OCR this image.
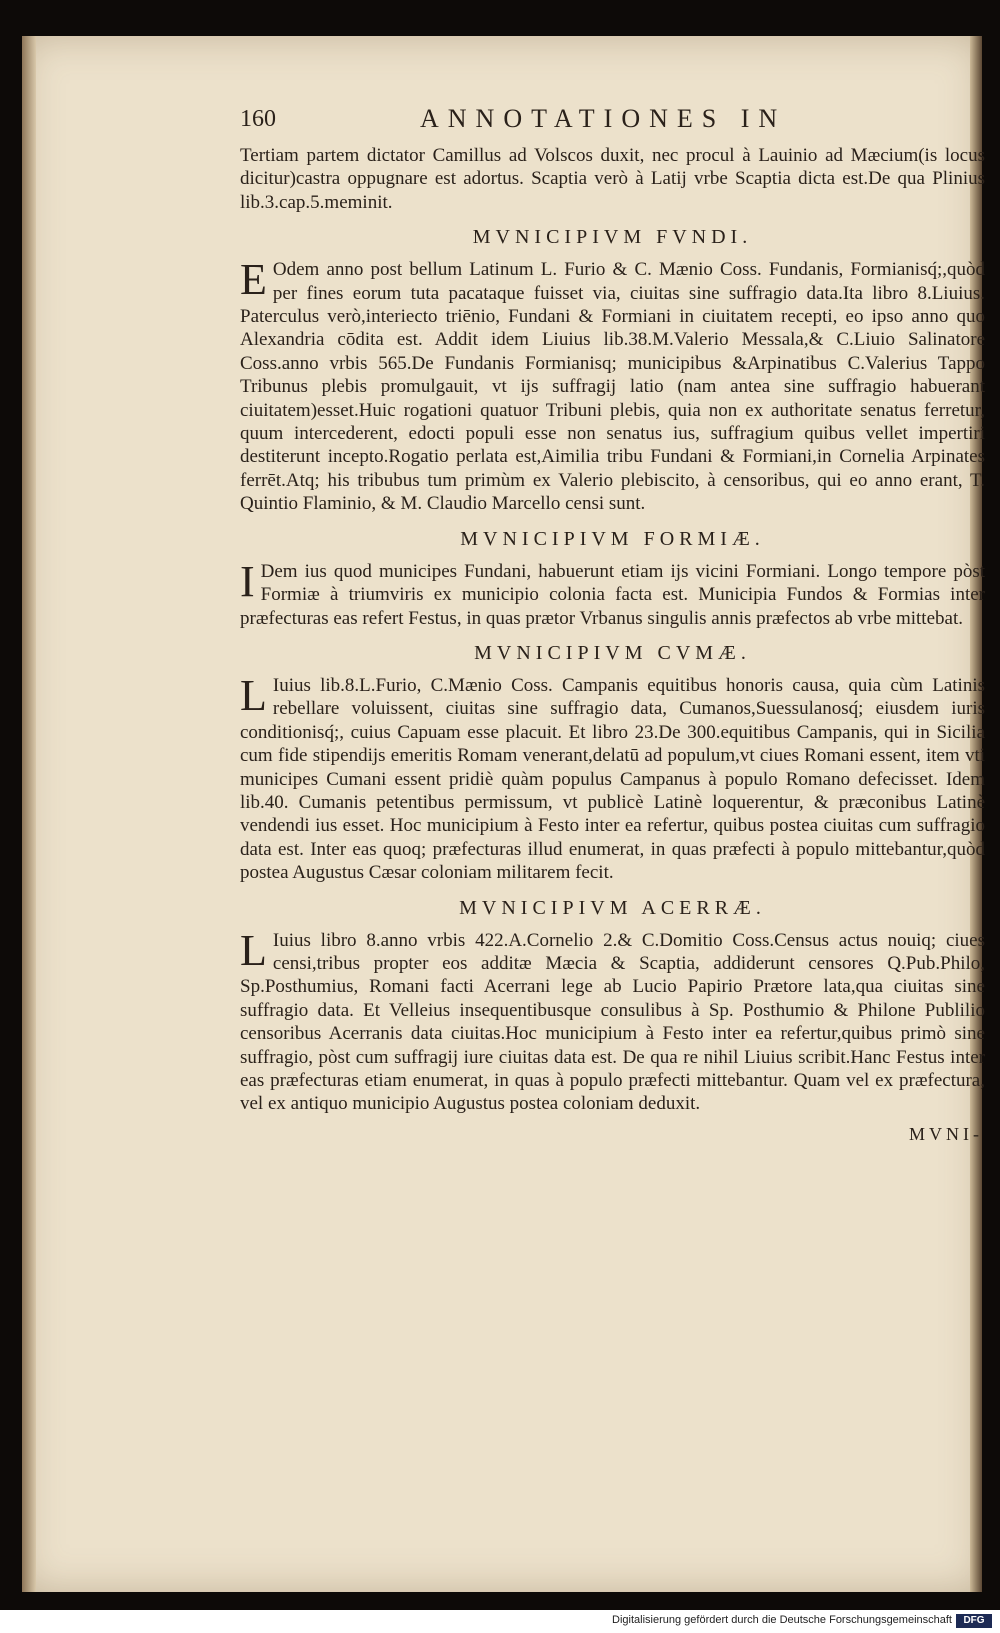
160	ANNOTATIONES IN

Tertiam partem dictator Camillus ad Volscos duxit, nec procul à Lauinio ad Mæcium(is locus dicitur)castra oppugnare est adortus. Scaptia verò à Latij vrbe Scaptia dicta est.De qua Plinius lib.3.cap.5.meminit.

MVNICIPIVM FVNDI.

E Odem anno post bellum Latinum L. Furio & C. Mænio Coss. Fundanis, Formianisq́;,quòd per fines eorum tuta pacataque fuisset via, ciuitas sine suffragio data.Ita libro 8.Liuius. Paterculus verò,interiecto triēnio, Fundani & Formiani in ciuitatem recepti, eo ipso anno quo Alexandria cōdita est. Addit idem Liuius lib.38.M.Valerio Messala,& C.Liuio Salinatore Coss.anno vrbis 565.De Fundanis Formianisq; municipibus &Arpinatibus C.Valerius Tappo Tribunus plebis promulgauit, vt ijs suffragij latio (nam antea sine suffragio habuerant ciuitatem)esset.Huic rogationi quatuor Tribuni plebis, quia non ex authoritate senatus ferretur, quum intercederent, edocti populi esse non senatus ius, suffragium quibus vellet impertiri destiterunt incepto.Rogatio perlata est,Aimilia tribu Fundani & Formiani,in Cornelia Arpinates ferrēt.Atq; his tribubus tum primùm ex Valerio plebiscito, à censoribus, qui eo anno erant, T. Quintio Flaminio, & M. Claudio Marcello censi sunt.

MVNICIPIVM FORMIÆ.

I Dem ius quod municipes Fundani, habuerunt etiam ijs vicini Formiani. Longo tempore pòst Formiæ à triumviris ex municipio colonia facta est. Municipia Fundos & Formias inter præfecturas eas refert Festus, in quas prætor Vrbanus singulis annis præfectos ab vrbe mittebat.

MVNICIPIVM CVMÆ.

L Iuius lib.8.L.Furio, C.Mænio Coss. Campanis equitibus honoris causa, quia cùm Latinis rebellare voluissent, ciuitas sine suffragio data, Cumanos,Suessulanosq́; eiusdem iuris conditionisq́;, cuius Capuam esse placuit. Et libro 23.De 300.equitibus Campanis, qui in Sicilia cum fide stipendijs emeritis Romam venerant,delatū ad populum,vt ciues Romani essent, item vti municipes Cumani essent pridiè quàm populus Campanus à populo Romano defecisset. Idem lib.40. Cumanis petentibus permissum, vt publicè Latinè loquerentur, & præconibus Latinè vendendi ius esset. Hoc municipium à Festo inter ea refertur, quibus postea ciuitas cum suffragio data est. Inter eas quoq; præfecturas illud enumerat, in quas præfecti à populo mittebantur,quòd postea Augustus Cæsar coloniam militarem fecit.

MVNICIPIVM ACERRÆ.

L Iuius libro 8.anno vrbis 422.A.Cornelio 2.& C.Domitio Coss.Census actus nouiq; ciues censi,tribus propter eos additæ Mæcia & Scaptia, addiderunt censores Q.Pub.Philo, Sp.Posthumius, Romani facti Acerrani lege ab Lucio Papirio Prætore lata,qua ciuitas sine suffragio data. Et Velleius insequentibusque consulibus à Sp. Posthumio & Philone Publilio censoribus Acerranis data ciuitas.Hoc municipium à Festo inter ea refertur,quibus primò sine suffragio, pòst cum suffragij iure ciuitas data est. De qua re nihil Liuius scribit.Hanc Festus inter eas præfecturas etiam enumerat, in quas à populo præfecti mittebantur. Quam vel ex præfectura, vel ex antiquo municipio Augustus postea coloniam deduxit.

MVNI-
Digitalisierung gefördert durch die Deutsche Forschungsgemeinschaft	DFG
